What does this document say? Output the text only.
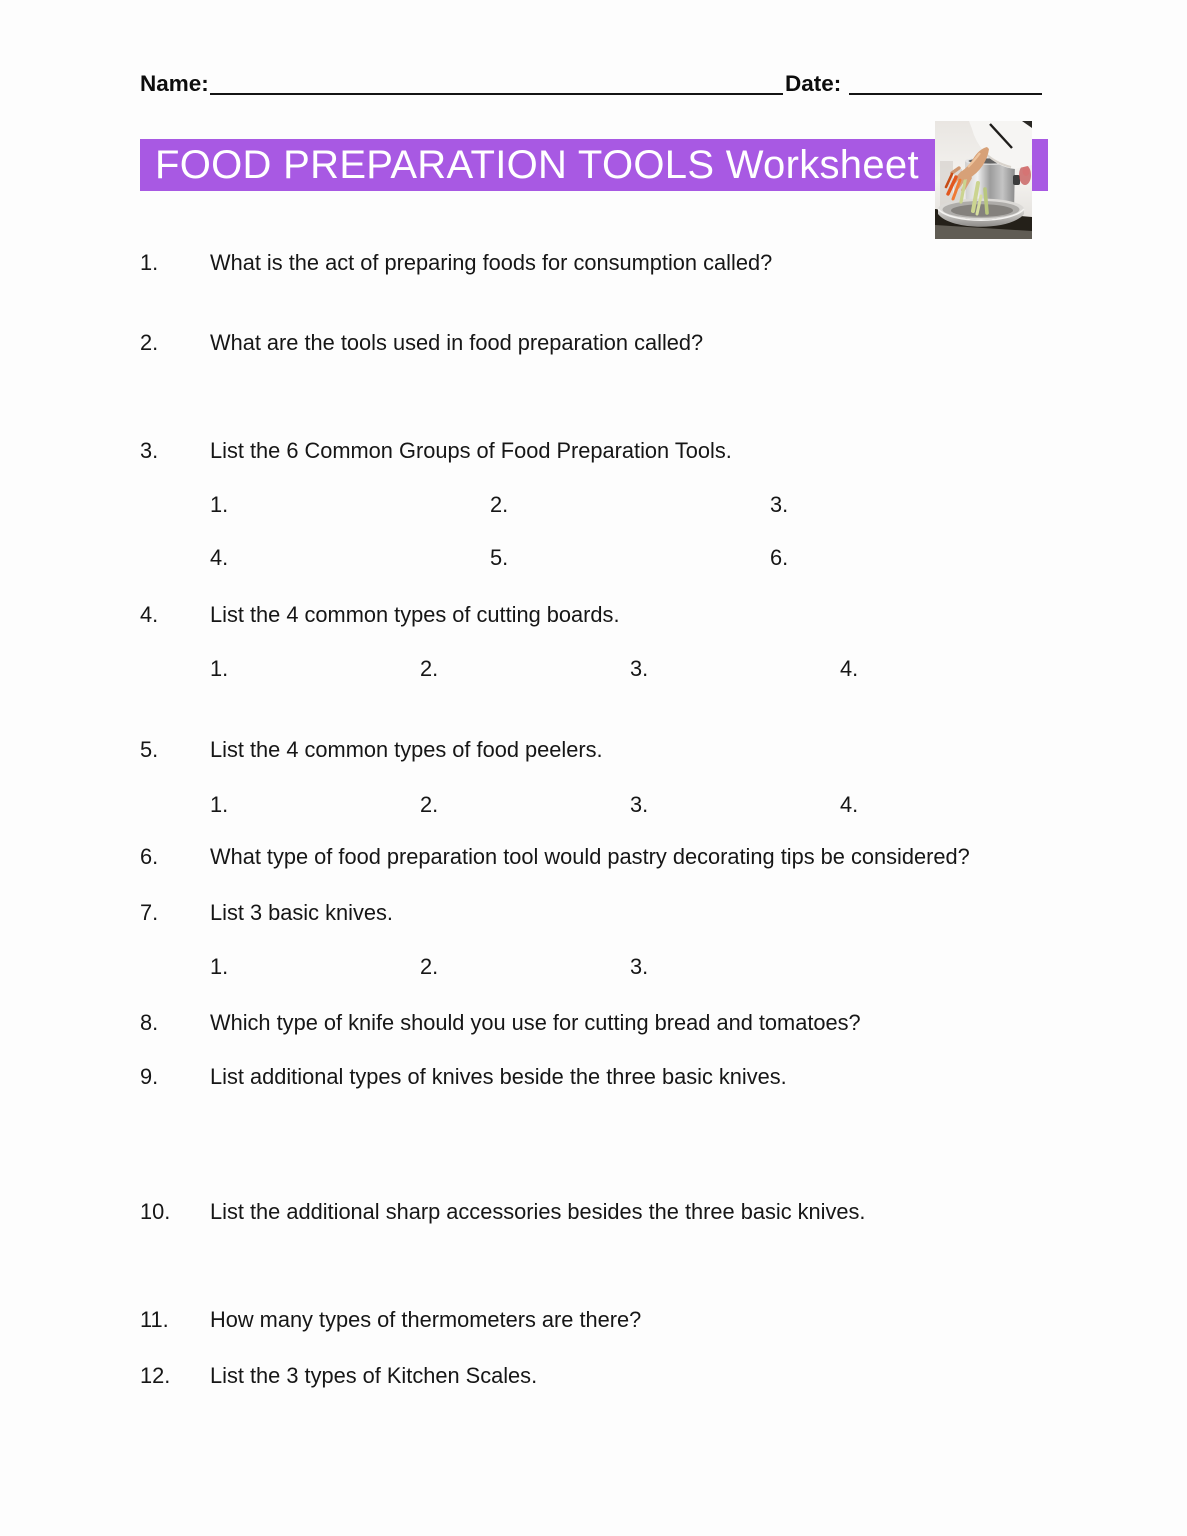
Name:	Date:
FOOD PREPARATION TOOLS Worksheet
1. What is the act of preparing foods for consumption called?
2. What are the tools used in food preparation called?
3. List the 6 Common Groups of Food Preparation Tools.
1.	2.	3.
4.	5.	6.
4. List the 4 common types of cutting boards.
1.	2.	3.	4.
5. List the 4 common types of food peelers.
1.	2.	3.	4.
6. What type of food preparation tool would pastry decorating tips be considered?
7. List 3 basic knives.
1.	2.	3.
8. Which type of knife should you use for cutting bread and tomatoes?
9. List additional types of knives beside the three basic knives.
10. List the additional sharp accessories besides the three basic knives.
11. How many types of thermometers are there?
12. List the 3 types of Kitchen Scales.
